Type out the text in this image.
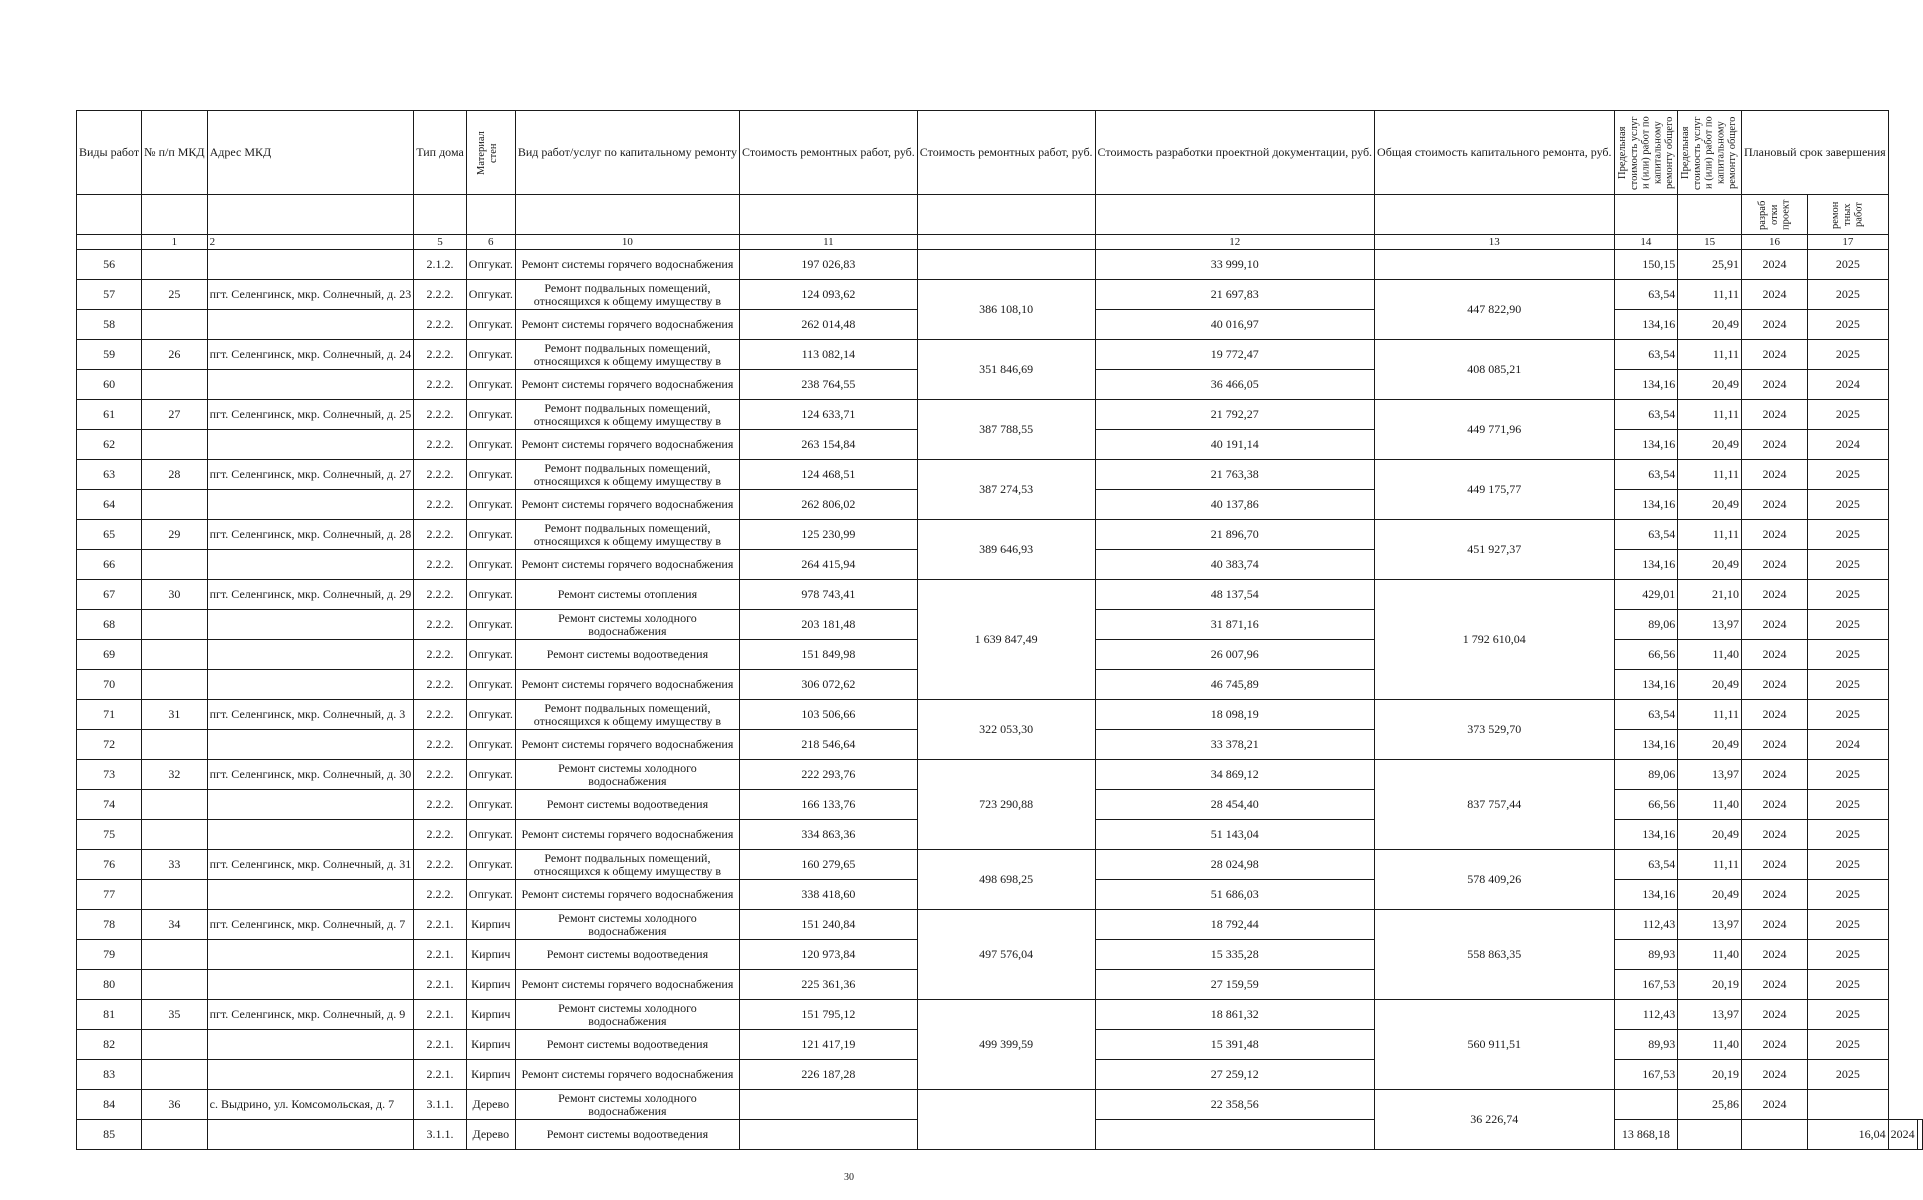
Виды работ	№ п/п МКД	Адрес МКД	Тип дома	Материал стен	Вид работ/услуг по капитальному ремонту	Стоимость ремонтных работ, руб.	Стоимость ремонтных работ, руб.	Стоимость разработки проектной документации, руб.	Общая стоимость капитального ремонта, руб.	Предельная стоимость услуг и (или) работ по капитальному ремонту общего	Предельная стоимость услуг и (или) работ по капитальному ремонту общего	Плановый срок завершения			

												разраб отки проект	ремон тных работ		

	1	2	5	6	10	11		12	13	14	15	16	17		
56			2.1.2.	Опгукат.	Ремонт системы горячего водоснабжения	197 026,83		33 999,10		150,15	25,91	2024	2025		
57	25	пгт. Селенгинск, мкр. Солнечный, д. 23	2.2.2.	Опгукат.	Ремонт подвальных помещений, относящихся к общему имуществу в	124 093,62	386 108,10	21 697,83	447 822,90	63,54	11,11	2024	2025		
58			2.2.2.	Опгукат.	Ремонт системы горячего водоснабжения	262 014,48		40 016,97		134,16	20,49	2024	2025		
59	26	пгт. Селенгинск, мкр. Солнечный, д. 24	2.2.2.	Опгукат.	Ремонт подвальных помещений, относящихся к общему имуществу в	113 082,14	351 846,69	19 772,47	408 085,21	63,54	11,11	2024	2025		
60			2.2.2.	Опгукат.	Ремонт системы горячего водоснабжения	238 764,55		36 466,05		134,16	20,49	2024	2024		
61	27	пгт. Селенгинск, мкр. Солнечный, д. 25	2.2.2.	Опгукат.	Ремонт подвальных помещений, относящихся к общему имуществу в	124 633,71	387 788,55	21 792,27	449 771,96	63,54	11,11	2024	2025		
62			2.2.2.	Опгукат.	Ремонт системы горячего водоснабжения	263 154,84		40 191,14		134,16	20,49	2024	2024		
63	28	пгт. Селенгинск, мкр. Солнечный, д. 27	2.2.2.	Опгукат.	Ремонт подвальных помещений, относящихся к общему имуществу в	124 468,51	387 274,53	21 763,38	449 175,77	63,54	11,11	2024	2025		
64			2.2.2.	Опгукат.	Ремонт системы горячего водоснабжения	262 806,02		40 137,86		134,16	20,49	2024	2025		
65	29	пгт. Селенгинск, мкр. Солнечный, д. 28	2.2.2.	Опгукат.	Ремонт подвальных помещений, относящихся к общему имуществу в	125 230,99	389 646,93	21 896,70	451 927,37	63,54	11,11	2024	2025		
66			2.2.2.	Опгукат.	Ремонт системы горячего водоснабжения	264 415,94		40 383,74		134,16	20,49	2024	2025		
67	30	пгт. Селенгинск, мкр. Солнечный, д. 29	2.2.2.	Опгукат.	Ремонт системы отопления	978 743,41	1 639 847,49	48 137,54	1 792 610,04	429,01	21,10	2024	2025		
68			2.2.2.	Опгукат.	Ремонт системы холодного водоснабжения	203 181,48		31 871,16		89,06	13,97	2024	2025		
69			2.2.2.	Опгукат.	Ремонт системы водоотведения	151 849,98		26 007,96		66,56	11,40	2024	2025		
70			2.2.2.	Опгукат.	Ремонт системы горячего водоснабжения	306 072,62		46 745,89		134,16	20,49	2024	2025		
71	31	пгт. Селенгинск, мкр. Солнечный, д. 3	2.2.2.	Опгукат.	Ремонт подвальных помещений, относящихся к общему имуществу в	103 506,66	322 053,30	18 098,19	373 529,70	63,54	11,11	2024	2025		
72			2.2.2.	Опгукат.	Ремонт системы горячего водоснабжения	218 546,64		33 378,21		134,16	20,49	2024	2024		
73	32	пгт. Селенгинск, мкр. Солнечный, д. 30	2.2.2.	Опгукат.	Ремонт системы холодного водоснабжения	222 293,76	723 290,88	34 869,12	837 757,44	89,06	13,97	2024	2025		
74			2.2.2.	Опгукат.	Ремонт системы водоотведения	166 133,76		28 454,40		66,56	11,40	2024	2025		
75			2.2.2.	Опгукат.	Ремонт системы горячего водоснабжения	334 863,36		51 143,04		134,16	20,49	2024	2025		
76	33	пгт. Селенгинск, мкр. Солнечный, д. 31	2.2.2.	Опгукат.	Ремонт подвальных помещений, относящихся к общему имуществу в	160 279,65	498 698,25	28 024,98	578 409,26	63,54	11,11	2024	2025		
77			2.2.2.	Опгукат.	Ремонт системы горячего водоснабжения	338 418,60		51 686,03		134,16	20,49	2024	2025		
78	34	пгт. Селенгинск, мкр. Солнечный, д. 7	2.2.1.	Кирпич	Ремонт системы холодного водоснабжения	151 240,84	497 576,04	18 792,44	558 863,35	112,43	13,97	2024	2025		
79			2.2.1.	Кирпич	Ремонт системы водоотведения	120 973,84		15 335,28		89,93	11,40	2024	2025		
80			2.2.1.	Кирпич	Ремонт системы горячего водоснабжения	225 361,36		27 159,59		167,53	20,19	2024	2025		
81	35	пгт. Селенгинск, мкр. Солнечный, д. 9	2.2.1.	Кирпич	Ремонт системы холодного водоснабжения	151 795,12	499 399,59	18 861,32	560 911,51	112,43	13,97	2024	2025		
82			2.2.1.	Кирпич	Ремонт системы водоотведения	121 417,19		15 391,48		89,93	11,40	2024	2025		
83			2.2.1.	Кирпич	Ремонт системы горячего водоснабжения	226 187,28		27 259,12		167,53	20,19	2024	2025		
84	36	с. Выдрино, ул. Комсомольская, д. 7	3.1.1.	Дерево	Ремонт системы холодного водоснабжения			22 358,56	36 226,74		25,86	2024			
85			3.1.1.	Дерево	Ремонт системы водоотведения					13 868,18			16,04	2024	
30
